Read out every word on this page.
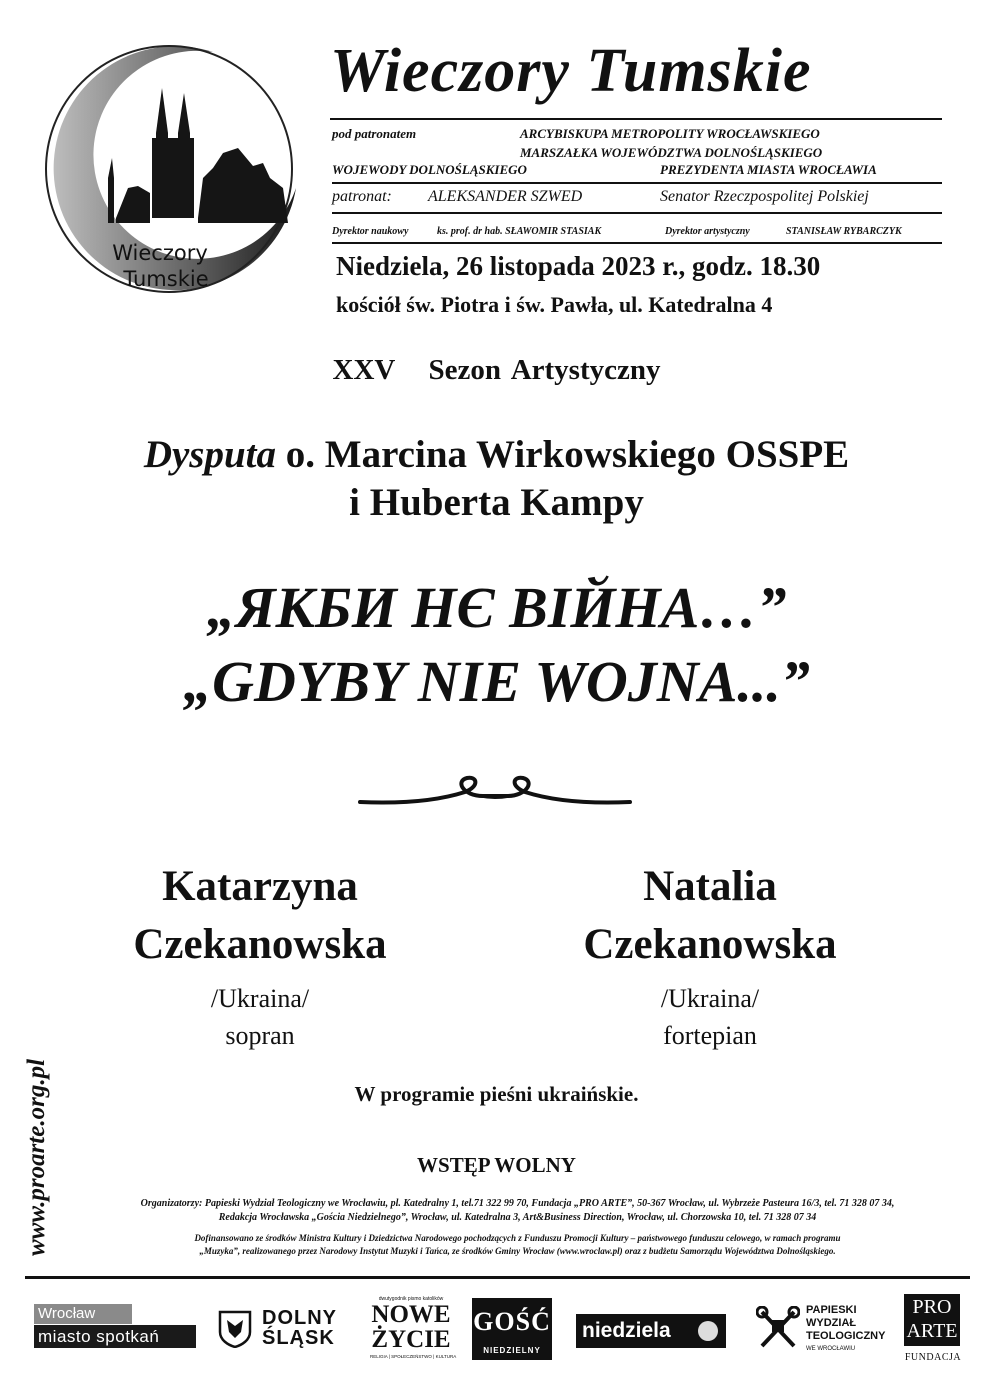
Wieczory
Tumskie
Wieczory Tumskie
pod patronatem	ARCYBISKUPA METROPOLITY WROCŁAWSKIEGO
MARSZAŁKA WOJEWÓDZTWA DOLNOŚLĄSKIEGO
WOJEWODY DOLNOŚLĄSKIEGO	PREZYDENTA MIASTA WROCŁAWIA
patronat: ALEKSANDER SZWED	Senator Rzeczpospolitej Polskiej
Dyrektor naukowy	ks. prof. dr hab. SŁAWOMIR STASIAK	Dyrektor artystyczny	STANISŁAW RYBARCZYK
Niedziela, 26 listopada 2023 r., godz. 18.30
kościół św. Piotra i św. Pawła, ul. Katedralna 4
XXV   Sezon Artystyczny
Dysputa o. Marcina Wirkowskiego OSSPE
i Huberta Kampy
„ЯКБИ НЄ ВІЙНА…”
„GDYBY NIE WOJNA...”
Katarzyna
Czekanowska
/Ukraina/
sopran
Natalia
Czekanowska
/Ukraina/
fortepian
W programie pieśni ukraińskie.
WSTĘP WOLNY
www.proarte.org.pl	Organizatorzy: Papieski Wydział Teologiczny we Wrocławiu, pl. Katedralny 1, tel.71 322 99 70, Fundacja „PRO ARTE”, 50-367 Wrocław, ul. Wybrzeże Pasteura 16/3, tel. 71 328 07 34,
Redakcja Wrocławska „Gościa Niedzielnego”, Wrocław, ul. Katedralna 3, Art&Business Direction, Wrocław, ul. Chorzowska 10, tel. 71 328 07 34
Dofinansowano ze środków Ministra Kultury i Dziedzictwa Narodowego pochodzących z Funduszu Promocji Kultury – państwowego funduszu celowego, w ramach programu
„Muzyka”, realizowanego przez Narodowy Instytut Muzyki i Tańca, ze środków Gminy Wrocław (www.wroclaw.pl) oraz z budżetu Samorządu Województwa Dolnośląskiego.
Wrocław
miasto spotkań
DOLNY
ŚLĄSK
dwutygodnik pismo katolików
NOWE
ŻYCIE
RELIGIA | SPOŁECZEŃSTWO | KULTURA
GOŚĆ
NIEDZIELNY
niedziela
PAPIESKI
WYDZIAŁ
TEOLOGICZNY
WE WROCŁAWIU
PRO
ARTE
FUNDACJA
